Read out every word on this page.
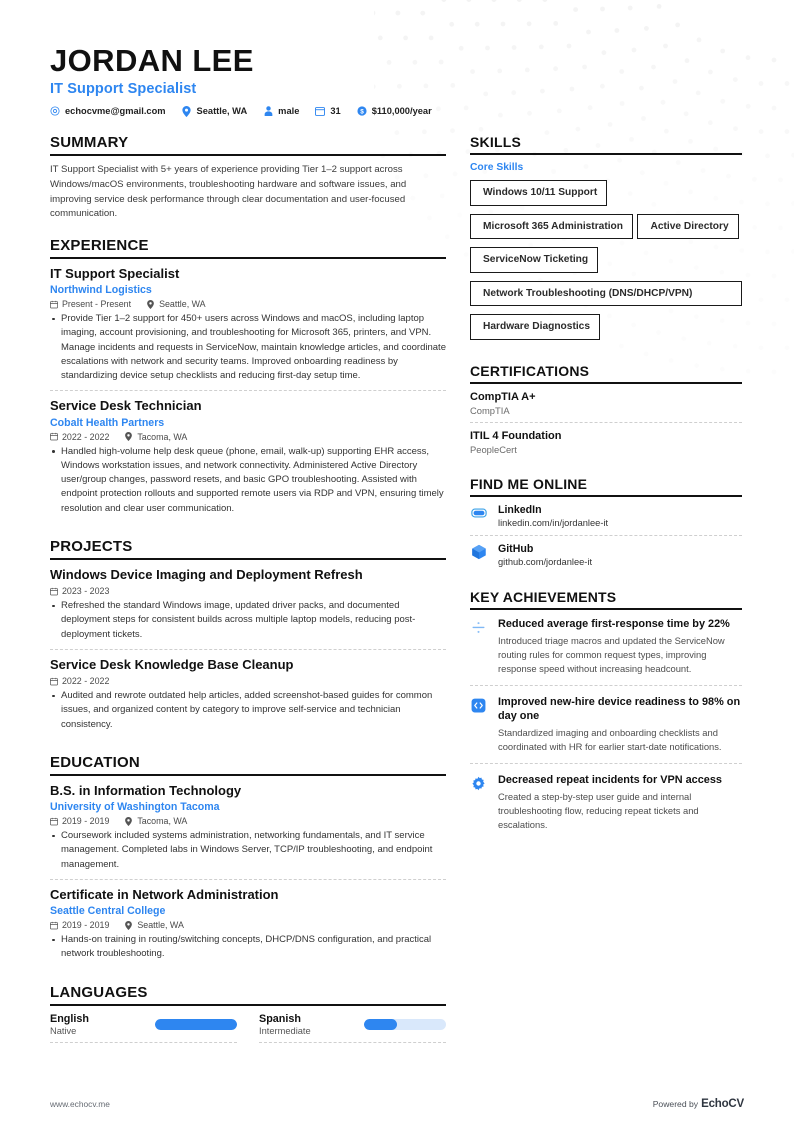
JORDAN LEE
IT Support Specialist
echocvme@gmail.com	Seattle, WA	male	31 $ $110,000/year
SUMMARY
IT Support Specialist with 5+ years of experience providing Tier 1–2 support across Windows/macOS environments, troubleshooting hardware and software issues, and improving service desk performance through clear documentation and user-focused communication.
EXPERIENCE
IT Support Specialist
Northwind Logistics
Present - Present	Seattle, WA
Provide Tier 1–2 support for 450+ users across Windows and macOS, including laptop imaging, account provisioning, and troubleshooting for Microsoft 365, printers, and VPN. Manage incidents and requests in ServiceNow, maintain knowledge articles, and coordinate escalations with network and security teams. Improved onboarding readiness by standardizing device setup checklists and reducing first-day setup time.
Service Desk Technician
Cobalt Health Partners
2022 - 2022	Tacoma, WA
Handled high-volume help desk queue (phone, email, walk-up) supporting EHR access, Windows workstation issues, and network connectivity. Administered Active Directory user/group changes, password resets, and basic GPO troubleshooting. Assisted with endpoint protection rollouts and supported remote users via RDP and VPN, ensuring timely resolution and clear user communication.
PROJECTS
Windows Device Imaging and Deployment Refresh
2023 - 2023
Refreshed the standard Windows image, updated driver packs, and documented deployment steps for consistent builds across multiple laptop models, reducing post-deployment tickets.
Service Desk Knowledge Base Cleanup
2022 - 2022
Audited and rewrote outdated help articles, added screenshot-based guides for common issues, and organized content by category to improve self-service and technician consistency.
EDUCATION
B.S. in Information Technology
University of Washington Tacoma
2019 - 2019	Tacoma, WA
Coursework included systems administration, networking fundamentals, and IT service management. Completed labs in Windows Server, TCP/IP troubleshooting, and endpoint management.
Certificate in Network Administration
Seattle Central College
2019 - 2019	Seattle, WA
Hands-on training in routing/switching concepts, DHCP/DNS configuration, and practical network troubleshooting.
LANGUAGES
English
Native
Spanish
Intermediate
SKILLS
Core Skills
Windows 10/11 Support Microsoft 365 Administration	Active Directory ServiceNow Ticketing
Network Troubleshooting (DNS/DHCP/VPN)
Hardware Diagnostics
CERTIFICATIONS
CompTIA A+
CompTIA
ITIL 4 Foundation
PeopleCert
FIND ME ONLINE
LinkedIn
linkedin.com/in/jordanlee-it
GitHub
github.com/jordanlee-it
KEY ACHIEVEMENTS
Reduced average first-response time by 22%
Introduced triage macros and updated the ServiceNow routing rules for common request types, improving response speed without increasing headcount.
Improved new-hire device readiness to 98% on day one
Standardized imaging and onboarding checklists and coordinated with HR for earlier start-date notifications.
Decreased repeat incidents for VPN access
Created a step-by-step user guide and internal troubleshooting flow, reducing repeat tickets and escalations.
www.echocv.me	Powered by EchoCV
